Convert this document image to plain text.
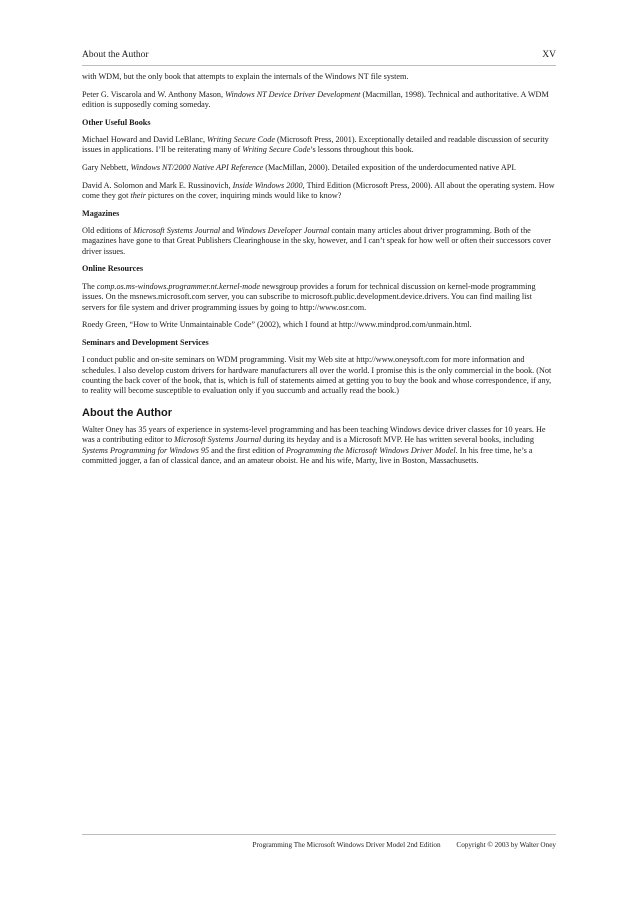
About the Author	XV

with WDM, but the only book that attempts to explain the internals of the Windows NT file system.

Peter G. Viscarola and W. Anthony Mason, Windows NT Device Driver Development (Macmillan, 1998). Technical and authoritative. A WDM edition is supposedly coming someday.

Other Useful Books

Michael Howard and David LeBlanc, Writing Secure Code (Microsoft Press, 2001). Exceptionally detailed and readable discussion of security issues in applications. I’ll be reiterating many of Writing Secure Code’s lessons throughout this book.

Gary Nebbett, Windows NT/2000 Native API Reference (MacMillan, 2000). Detailed exposition of the underdocumented native API.

David A. Solomon and Mark E. Russinovich, Inside Windows 2000, Third Edition (Microsoft Press, 2000). All about the operating system. How come they got their pictures on the cover, inquiring minds would like to know?

Magazines

Old editions of Microsoft Systems Journal and Windows Developer Journal contain many articles about driver programming. Both of the magazines have gone to that Great Publishers Clearinghouse in the sky, however, and I can’t speak for how well or often their successors cover driver issues.

Online Resources

The comp.os.ms-windows.programmer.nt.kernel-mode newsgroup provides a forum for technical discussion on kernel-mode programming issues. On the msnews.microsoft.com server, you can subscribe to microsoft.public.development.device.drivers. You can find mailing list servers for file system and driver programming issues by going to http://www.osr.com.

Roedy Green, “How to Write Unmaintainable Code” (2002), which I found at http://www.mindprod.com/unmain.html.

Seminars and Development Services

I conduct public and on-site seminars on WDM programming. Visit my Web site at http://www.oneysoft.com for more information and schedules. I also develop custom drivers for hardware manufacturers all over the world. I promise this is the only commercial in the book. (Not counting the back cover of the book, that is, which is full of statements aimed at getting you to buy the book and whose correspondence, if any, to reality will become susceptible to evaluation only if you succumb and actually read the book.)

About the Author

Walter Oney has 35 years of experience in systems-level programming and has been teaching Windows device driver classes for 10 years. He was a contributing editor to Microsoft Systems Journal during its heyday and is a Microsoft MVP. He has written several books, including Systems Programming for Windows 95 and the first edition of Programming the Microsoft Windows Driver Model. In his free time, he’s a committed jogger, a fan of classical dance, and an amateur oboist. He and his wife, Marty, live in Boston, Massachusetts.

Programming The Microsoft Windows Driver Model 2nd Edition Copyright © 2003 by Walter Oney
